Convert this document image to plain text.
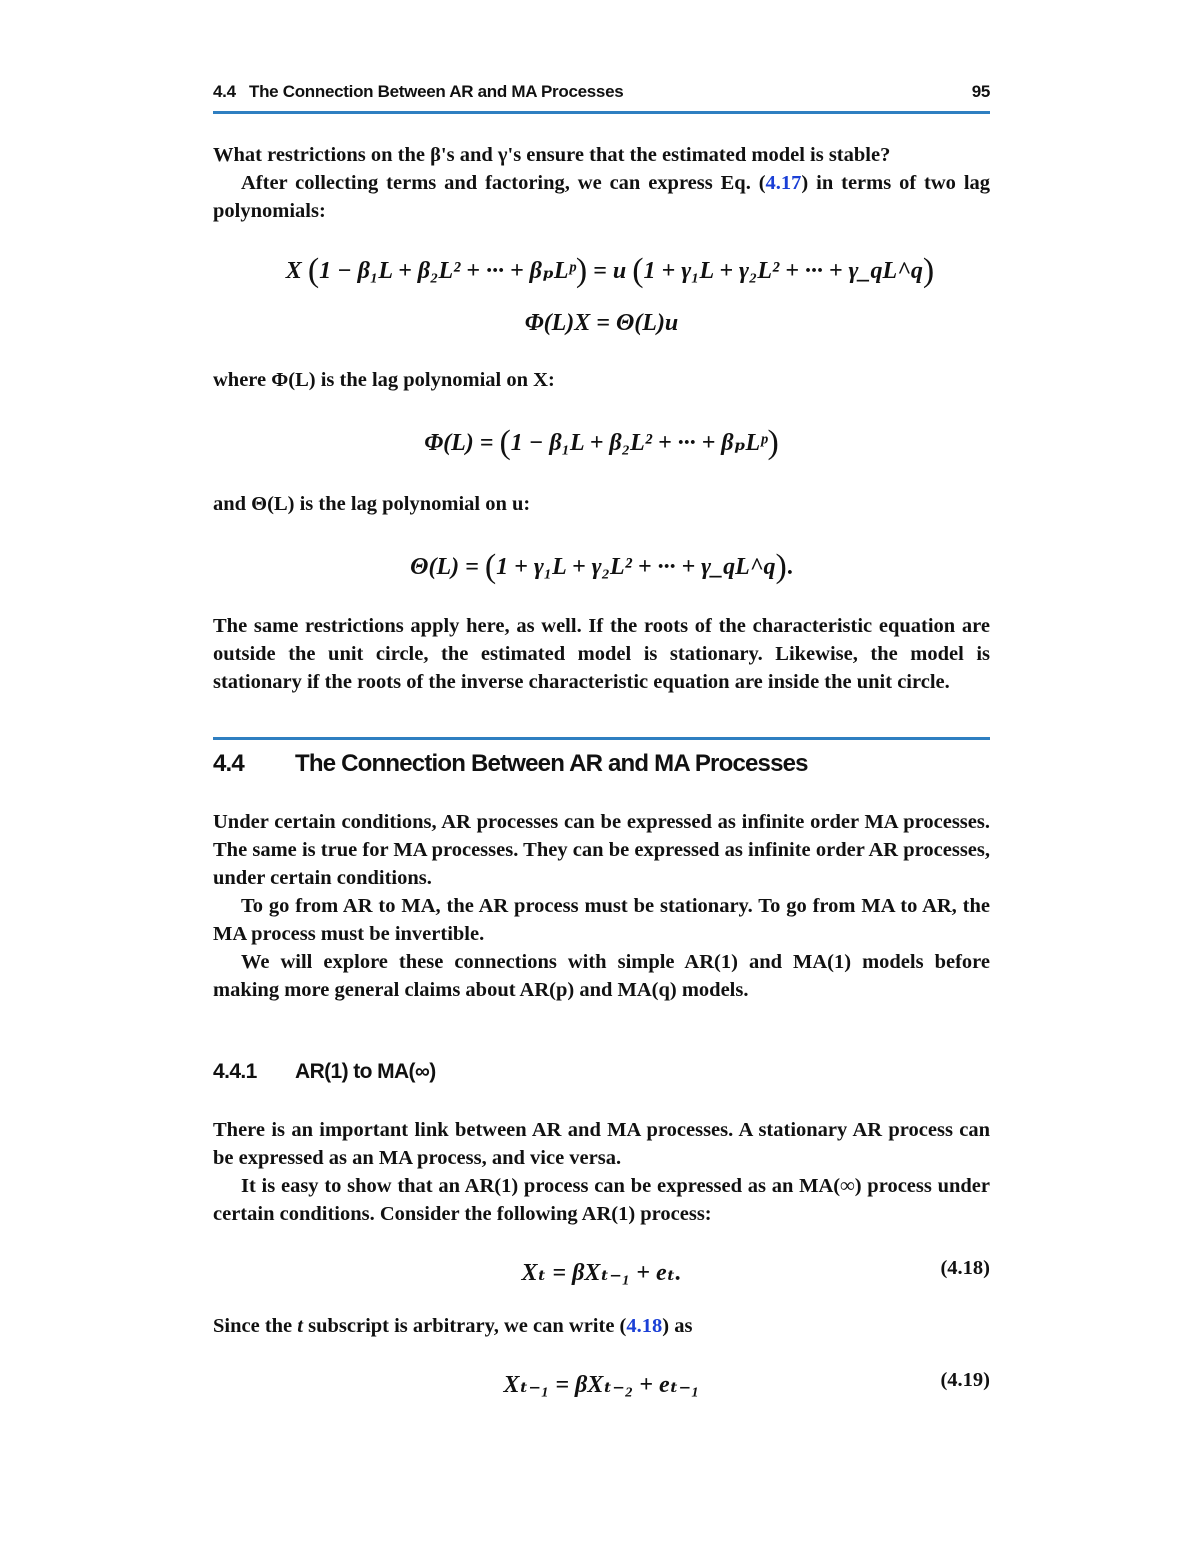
4.4   The Connection Between AR and MA Processes	95

What restrictions on the β's and γ's ensure that the estimated model is stable?

After collecting terms and factoring, we can express Eq. (4.17) in terms of two lag polynomials:

X (1 − β₁L + β₂L² + ··· + βₚLᵖ) = u (1 + γ₁L + γ₂L² + ··· + γ_qL^q)
Φ(L)X = Θ(L)u

where Φ(L) is the lag polynomial on X:

Φ(L) = (1 − β₁L + β₂L² + ··· + βₚLᵖ)

and Θ(L) is the lag polynomial on u:

Θ(L) = (1 + γ₁L + γ₂L² + ··· + γ_qL^q).

The same restrictions apply here, as well. If the roots of the characteristic equation are outside the unit circle, the estimated model is stationary. Likewise, the model is stationary if the roots of the inverse characteristic equation are inside the unit circle.

4.4 The Connection Between AR and MA Processes

Under certain conditions, AR processes can be expressed as infinite order MA processes. The same is true for MA processes. They can be expressed as infinite order AR processes, under certain conditions.

To go from AR to MA, the AR process must be stationary. To go from MA to AR, the MA process must be invertible.

We will explore these connections with simple AR(1) and MA(1) models before making more general claims about AR(p) and MA(q) models.

4.4.1 AR(1) to MA(∞)

There is an important link between AR and MA processes. A stationary AR process can be expressed as an MA process, and vice versa.

It is easy to show that an AR(1) process can be expressed as an MA(∞) process under certain conditions. Consider the following AR(1) process:

Xₜ = βXₜ₋₁ + eₜ.	(4.18)

Since the t subscript is arbitrary, we can write (4.18) as

Xₜ₋₁ = βXₜ₋₂ + eₜ₋₁	(4.19)
